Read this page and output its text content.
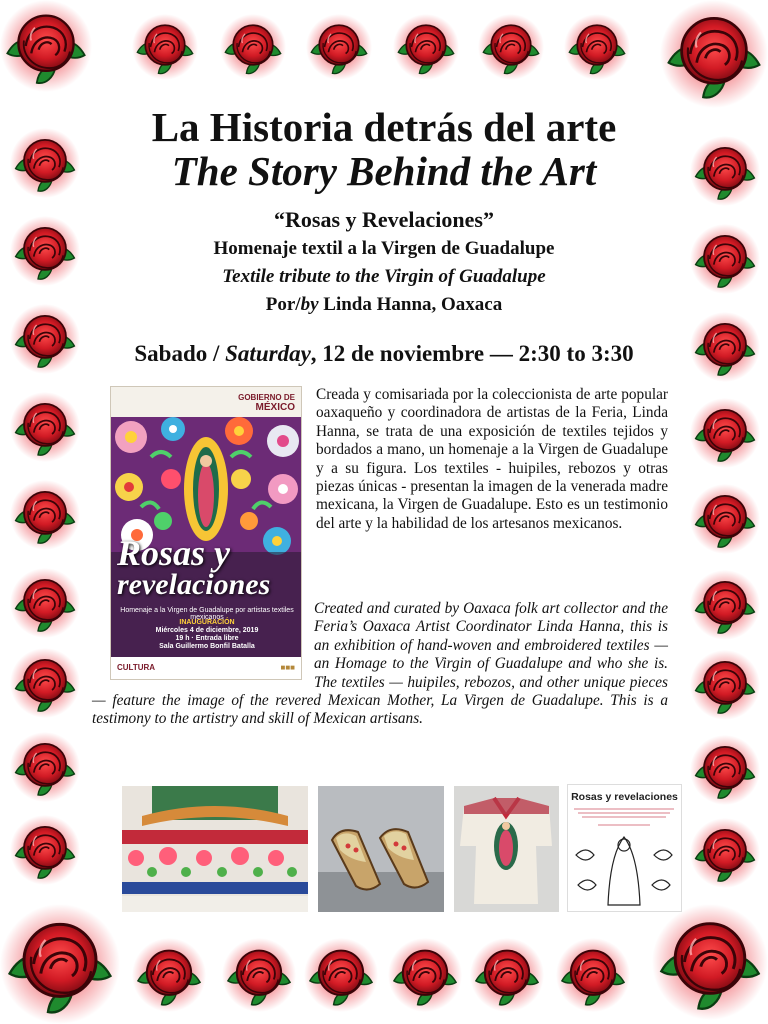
La Historia detrás del arte
The Story Behind the Art
“Rosas y Revelaciones”
Homenaje textil a la Virgen de Guadalupe
Textile tribute to the Virgin of Guadalupe
Por/by Linda Hanna, Oaxaca
Sabado / Saturday, 12 de noviembre — 2:30 to 3:30
GOBIERNO DE
MÉXICO
Rosas y
revelaciones
Homenaje a la Virgen de Guadalupe por artistas textiles mexicanos
INAUGURACIÓN
Miércoles 4 de diciembre, 2019
19 h · Entrada libre
Sala Guillermo Bonfil Batalla
CULTURA	■■■
Creada y comisariada por la coleccionista de arte popular oaxaqueño y coordinadora de artistas de la Feria, Linda Hanna, se trata de una exposición de textiles tejidos y bordados a mano, un homenaje a la Virgen de Guadalupe y a su figura. Los textiles - huipiles, rebozos y otras piezas únicas - presentan la imagen de la venerada madre mexicana, la Virgen de Guadalupe. Esto es un testimonio del arte y la habilidad de los artesanos mexicanos.
Created and curated by Oaxaca folk art collector and the Feria’s Oaxaca Artist Coordinator Linda Hanna, this is an exhibition of hand-woven and embroidered textiles — an Homage to the Virgin of Guadalupe and who she is. The textiles — huipiles, rebozos, and other unique pieces — feature the image of the revered Mexican Mother, La Virgen de Guadalupe. This is a testimony to the artistry and skill of Mexican artisans.
Rosas y revelaciones
